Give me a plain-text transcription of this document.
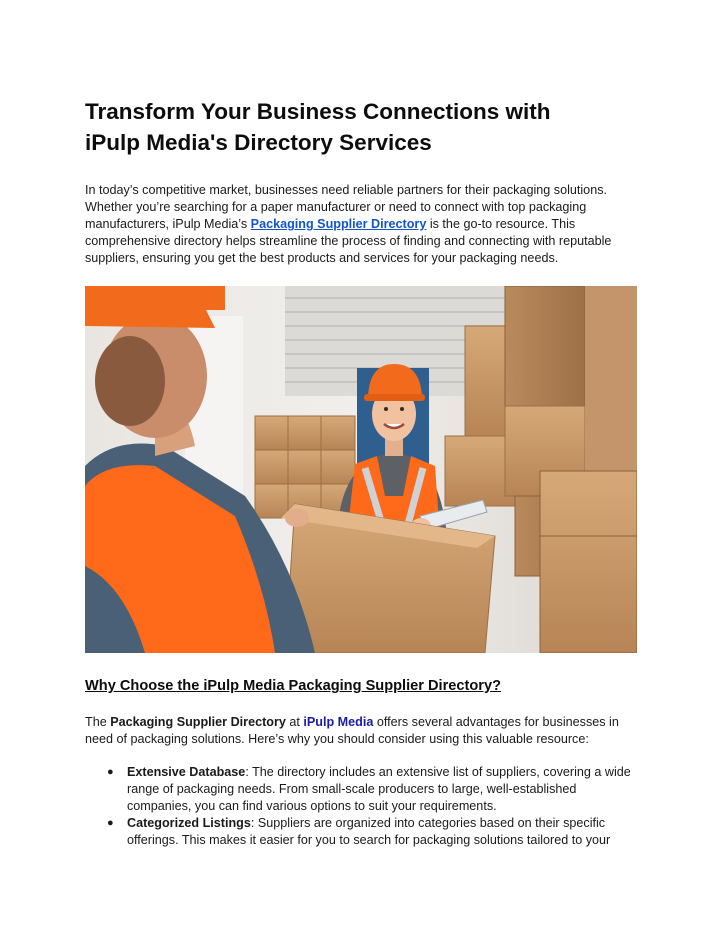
Transform Your Business Connections with
iPulp Media's Directory Services

In today’s competitive market, businesses need reliable partners for their packaging solutions. Whether you’re searching for a paper manufacturer or need to connect with top packaging manufacturers, iPulp Media’s Packaging Supplier Directory is the go-to resource. This comprehensive directory helps streamline the process of finding and connecting with reputable suppliers, ensuring you get the best products and services for your packaging needs.

Why Choose the iPulp Media Packaging Supplier Directory?

The Packaging Supplier Directory at iPulp Media offers several advantages for businesses in need of packaging solutions. Here’s why you should consider using this valuable resource:

● Extensive Database: The directory includes an extensive list of suppliers, covering a wide range of packaging needs. From small-scale producers to large, well-established companies, you can find various options to suit your requirements.
● Categorized Listings: Suppliers are organized into categories based on their specific offerings. This makes it easier for you to search for packaging solutions tailored to your
